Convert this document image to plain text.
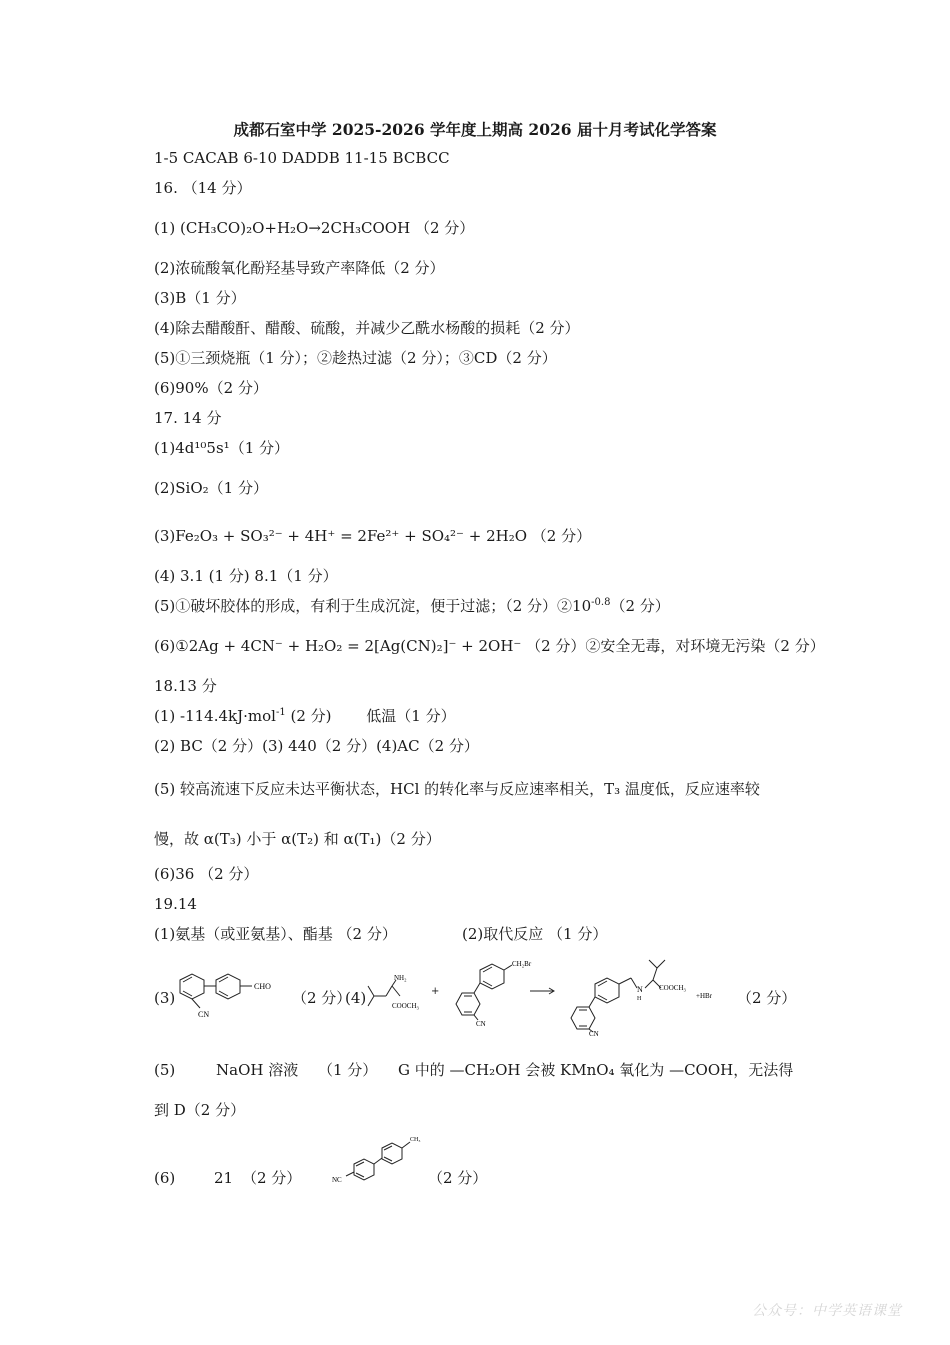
成都石室中学 2025-2026 学年度上期高 2026 届十月考试化学答案
1-5 CACAB 6-10 DADDB 11-15 BCBCC
16. （14 分）
(1) (CH₃CO)₂O+H₂O→2CH₃COOH （2 分）
(2)浓硫酸氧化酚羟基导致产率降低（2 分）
(3)B（1 分）
(4)除去醋酸酐、醋酸、硫酸，并减少乙酰水杨酸的损耗（2 分）
(5)①三颈烧瓶（1 分）；②趁热过滤（2 分）；③CD（2 分）
(6)90%（2 分）
17. 14 分
(1)4d¹⁰5s¹（1 分）
(2)SiO₂（1 分）
(3)Fe₂O₃ + SO₃²⁻ + 4H⁺ = 2Fe²⁺ + SO₄²⁻ + 2H₂O （2 分）
(4) 3.1 (1 分) 8.1（1 分）
(5)①破坏胶体的形成，有利于生成沉淀，便于过滤；（2 分）$②10^{-0.8}(2$ 分）
(6)①2Ag + 4CN⁻ + H₂O₂ = 2[Ag(CN)₂]⁻ + 2OH⁻ （2 分）②安全无毒，对环境无污染（2 分）
18.13 分
(1) -114.4kJ·mol$^{-1}$ (2 分) 低温（1 分）
(2) BC（2 分）(3) 440（2 分）(4)AC（2 分）
(5) 较高流速下反应未达平衡状态，HCl 的转化率与反应速率相关，T₃ 温度低，反应速率较
慢，故 α(T₃) 小于 α(T₂) 和 α(T₁)（2 分）
(6)36 （2 分）
19.14
(1)氨基（或亚氨基）、酯基 （2 分）	(2)取代反应 （1 分）
(3)
CHO
CN
（2 分）
(4)
NH₂
COOCH₃
+
CH₂Br
CN
N
H
COOCH₃
+HBr
CN
（2 分）
(5)	NaOH 溶液 （1 分） G 中的 —CH₂OH 会被 KMnO₄ 氧化为 —COOH，无法得
到 D（2 分）
(6)	21 （2 分）	NC
CH₃
（2 分）
公众号：中学英语课堂
